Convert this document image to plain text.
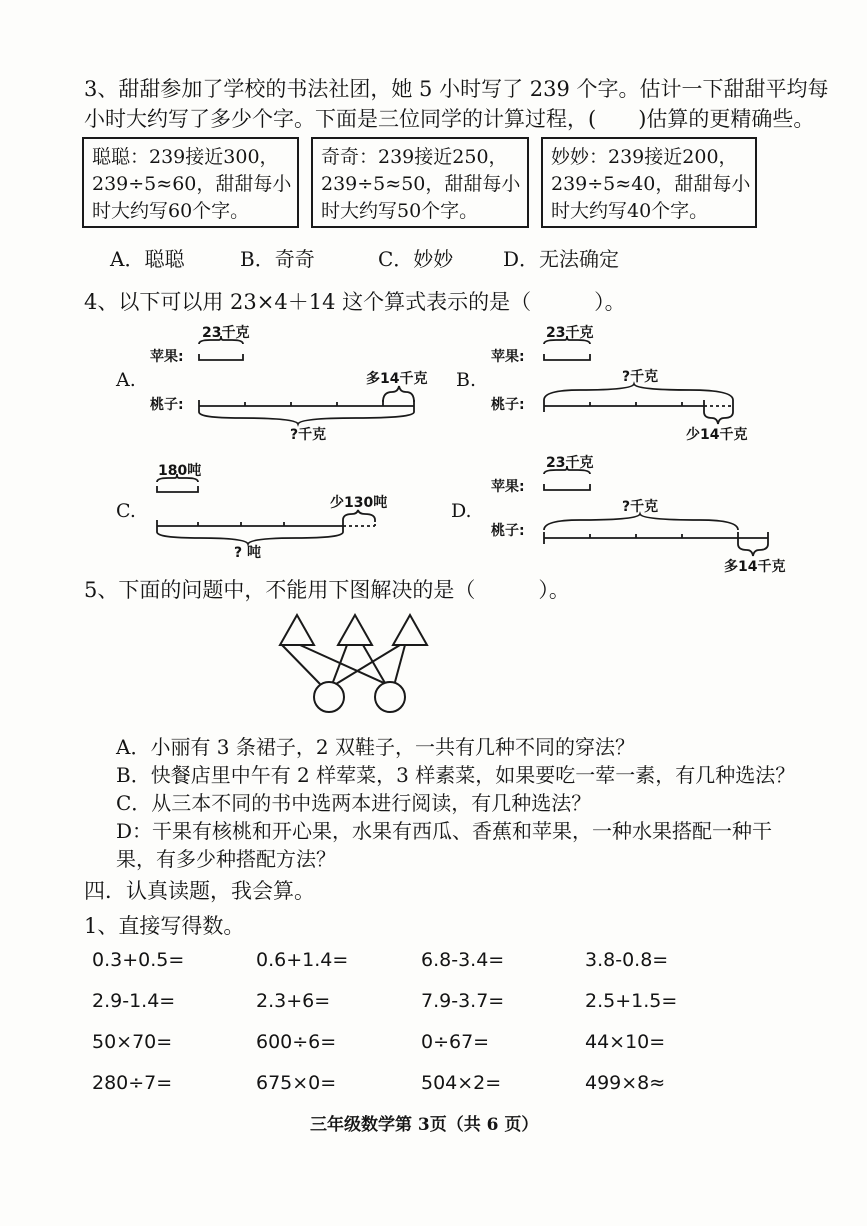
3、甜甜参加了学校的书法社团，她 5 小时写了 239 个字。估计一下甜甜平均每
小时大约写了多少个字。下面是三位同学的计算过程，(　　)估算的更精确些。
聪聪：239接近300，
239÷5≈60，甜甜每小
时大约写60个字。
奇奇：239接近250，
239÷5≈50，甜甜每小
时大约写50个字。
妙妙：239接近200，
239÷5≈40，甜甜每小
时大约写40个字。
A．聪聪	B．奇奇	C．妙妙 D．无法确定
4、以下可以用 23×4＋14 这个算式表示的是（　　　）。
A.
苹果:
桃子:
23千克
多14千克
?千克
B.
苹果:
桃子:
23千克
?千克
少14千克
C.
180吨
少130吨
? 吨
D.
苹果:
桃子:
23千克
?千克
多14千克
5、下面的问题中，不能用下图解决的是（　　　）。
A．小丽有 3 条裙子，2 双鞋子，一共有几种不同的穿法？
B．快餐店里中午有 2 样荤菜，3 样素菜，如果要吃一荤一素，有几种选法？
C．从三本不同的书中选两本进行阅读，有几种选法？
D：干果有核桃和开心果，水果有西瓜、香蕉和苹果，一种水果搭配一种干
果，有多少种搭配方法？
四．认真读题，我会算。
1、直接写得数。
0.3+0.5=	0.6+1.4=	6.8-3.4=	3.8-0.8=
2.9-1.4=	2.3+6=	7.9-3.7=	2.5+1.5=
50×70=	600÷6=	0÷67=	44×10=
280÷7=	675×0=	504×2=	499×8≈
三年级数学第 3页（共 6 页）
